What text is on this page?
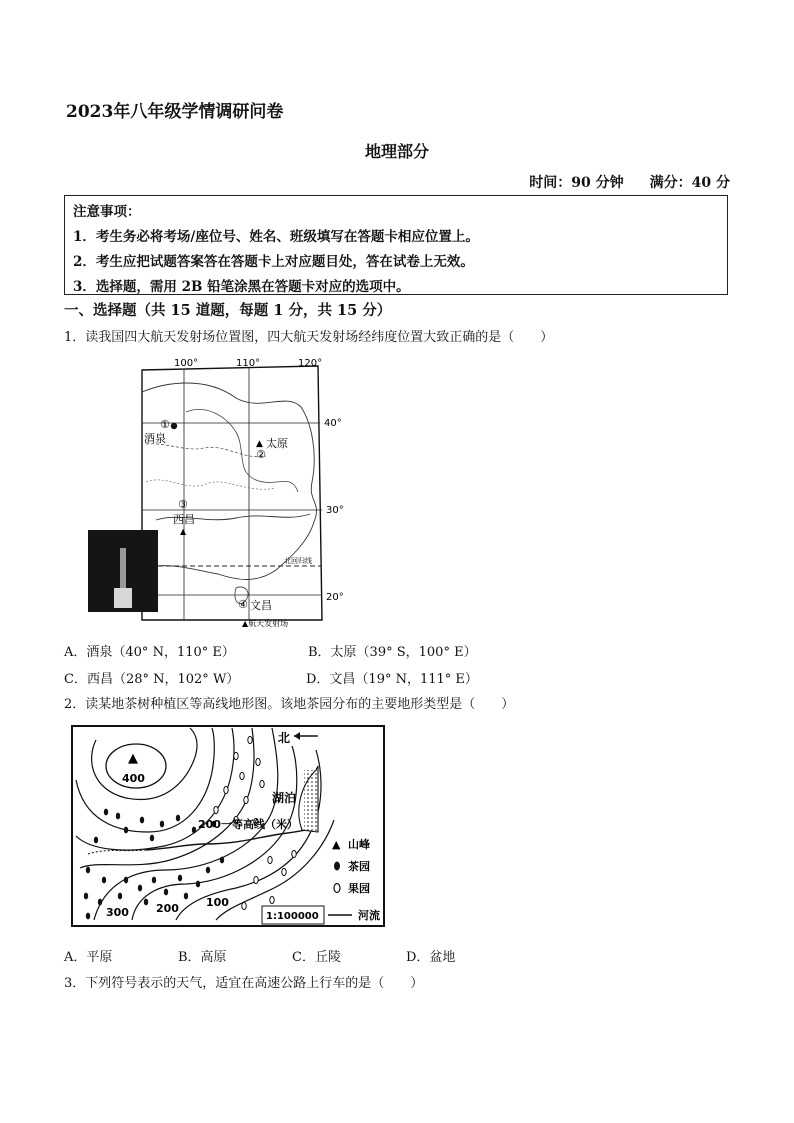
2023年八年级学情调研问卷
地理部分
时间：90 分钟 满分：40 分
注意事项：
1．考生务必将考场/座位号、姓名、班级填写在答题卡相应位置上。
2．考生应把试题答案答在答题卡上对应题目处，答在试卷上无效。
3．选择题，需用 2B 铅笔涂黑在答题卡对应的选项中。
一、选择题（共 15 道题，每题 1 分，共 15 分）
1．读我国四大航天发射场位置图，四大航天发射场经纬度位置大致正确的是（　　）
100°	110°	120°
北回归线
40°
30°
20°
①
酒泉	▲ 太原
②
③
西昌
▲
④ 文昌
▲航天发射场
A．酒泉（40° N，110° E）	B．太原（39° S，100° E）
C．西昌（28° N，102° W）	D．文昌（19° N，111° E）
2．读某地茶树种植区等高线地形图。该地茶园分布的主要地形类型是（　　）
北
▲
400
湖泊
300 200 100
200一等高线（米）
▲ 山峰
茶园
果园
河流
1:100000
A．平原	B．高原	C．丘陵	D．盆地
3．下列符号表示的天气，适宜在高速公路上行车的是（　　）
